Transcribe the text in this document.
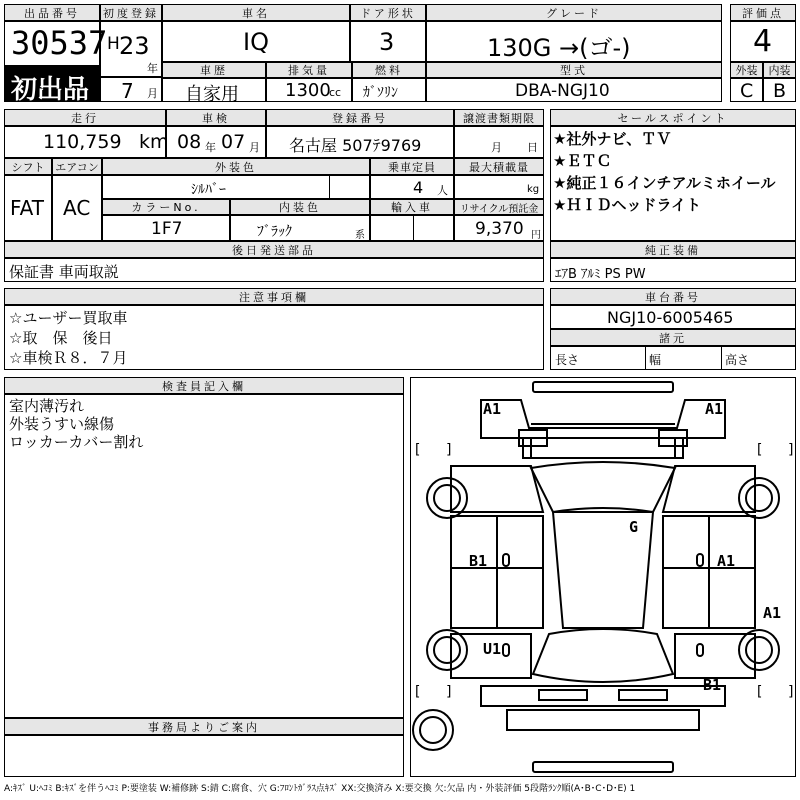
出品番号
30537
初出品
初度登録
H 23
年
7 月
車名
IQ
ドア形状
3
グレード
130G →(ゴ-)
評価点
4
車歴
自家用
排気量
1300
cc
燃料
ｶﾞｿﾘﾝ
型式
DBA-NGJ10
外装
C
内装
B
走行
110,759 km
車検
08 年 07 月
登録番号
名古屋 507ﾃ9769
譲渡書類期限
月 日
セールスポイント
★社外ナビ、ＴＶ
★ＥＴＣ
★純正１６インチアルミホイール
★ＨＩＤヘッドライト
シフト
FAT
エアコン
AC
外装色
ｼﾙﾊﾞｰ
乗車定員
4 人
最大積載量
kg
カラーNo.
1F7
内装色
ﾌﾞﾗｯｸ	系
輸入車	リサイクル預託金
9,370 円
後日発送部品
保証書 車両取説
純正装備
ｴｱB ｱﾙﾐ PS PW
注意事項欄
☆ユーザー買取車
☆取　保　後日
☆車検Ｒ８．７月
車台番号
NGJ10-6005465
諸元
長さ	幅	高さ
検査員記入欄
室内薄汚れ
外装うすい線傷
ロッカーカバー割れ
事務局よりご案内
[ ]	[ ]
[ ]	[ ]
A1	A1
G
B1	A1
A1
U1
B1
A:ｷｽﾞ U:ﾍｺﾐ B:ｷｽﾞを伴うﾍｺﾐ P:要塗装 W:補修跡 S:錆 C:腐食、穴 G:ﾌﾛﾝﾄｶﾞﾗｽ点ｷｽﾞ XX:交換済み X:要交換 欠:欠品 内・外装評価 5段階ﾗﾝｸ順(A･B･C･D･E) 1
